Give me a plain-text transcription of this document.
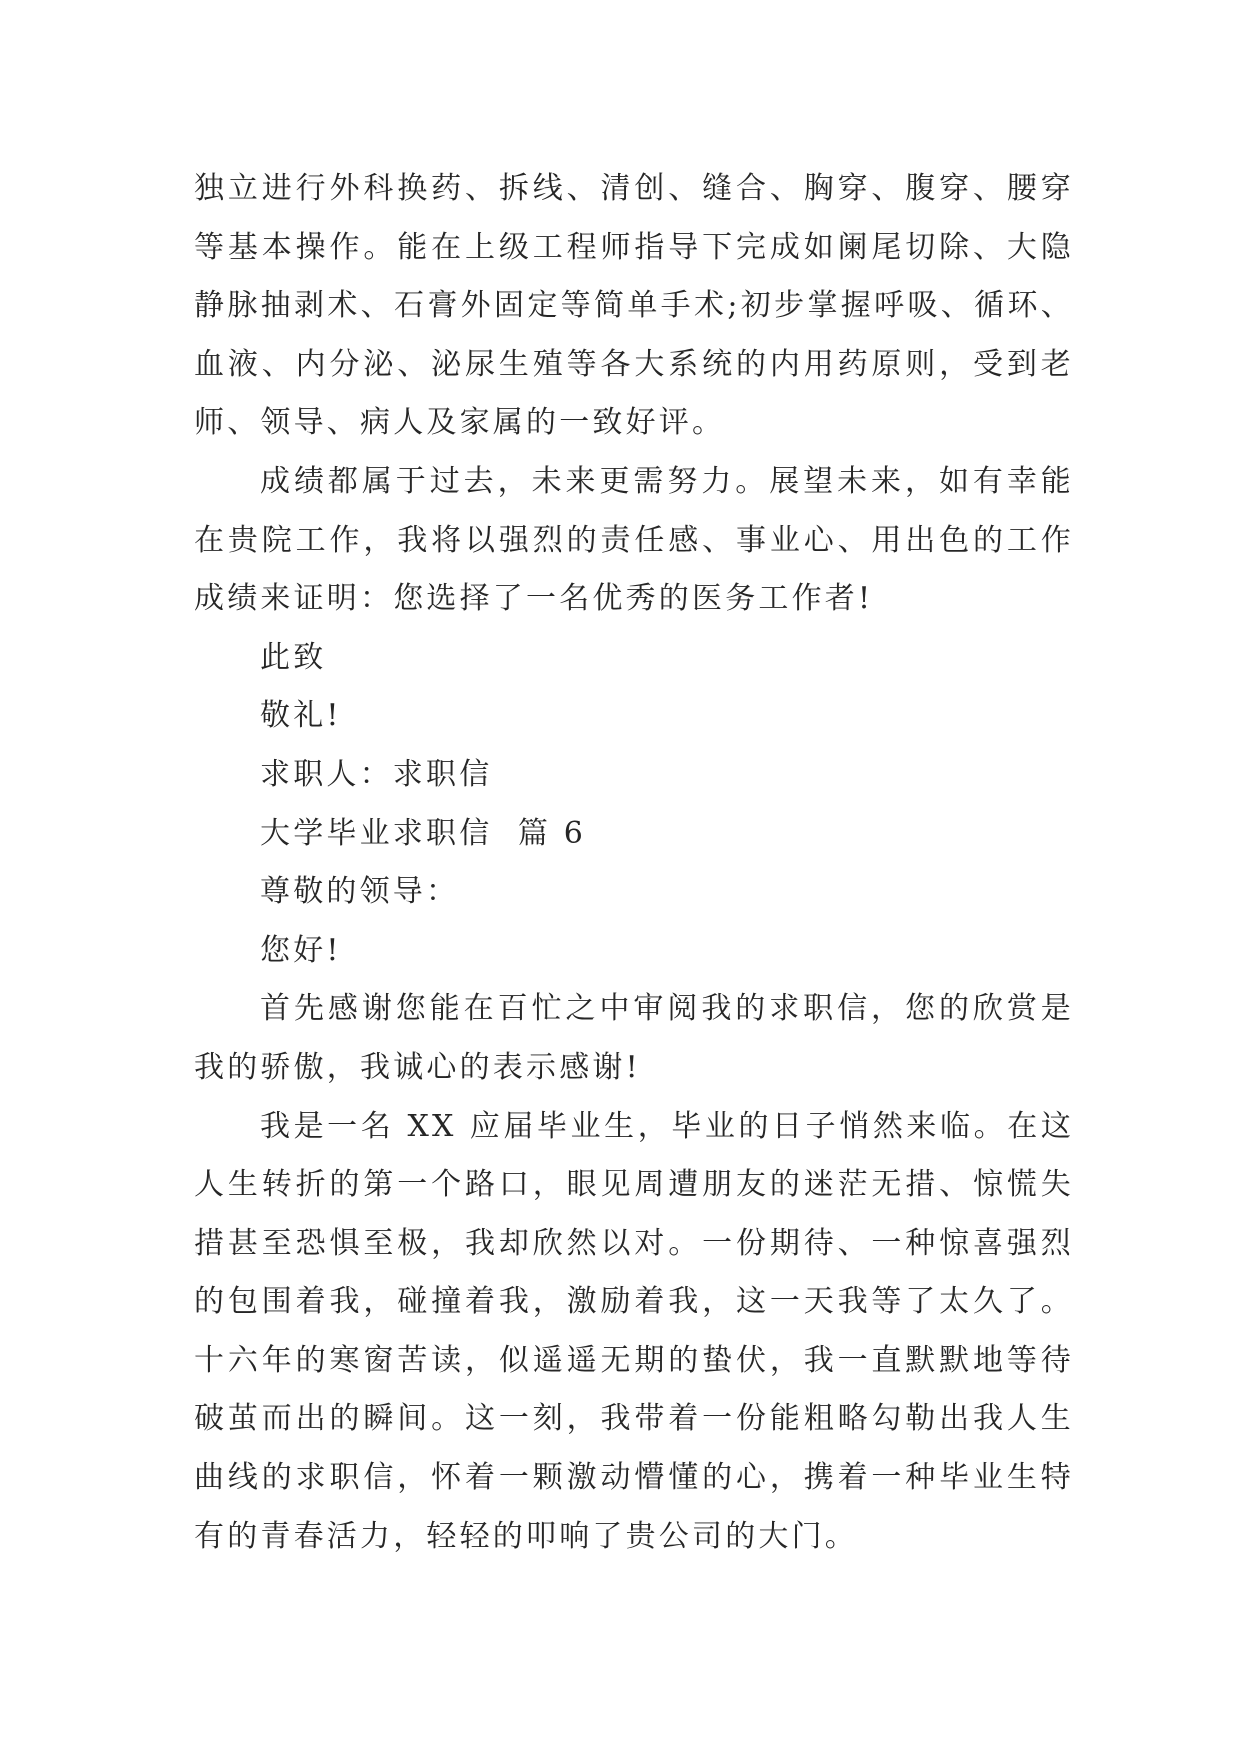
独立进行外科换药、拆线、清创、缝合、胸穿、腹穿、腰穿等基本操作。能在上级工程师指导下完成如阑尾切除、大隐静脉抽剥术、石膏外固定等简单手术;初步掌握呼吸、循环、血液、内分泌、泌尿生殖等各大系统的内用药原则，受到老师、领导、病人及家属的一致好评。

成绩都属于过去，未来更需努力。展望未来，如有幸能在贵院工作，我将以强烈的责任感、事业心、用出色的工作成绩来证明：您选择了一名优秀的医务工作者!

此致

敬礼!

求职人：求职信

大学毕业求职信  篇 6

尊敬的领导：

您好!

首先感谢您能在百忙之中审阅我的求职信，您的欣赏是我的骄傲，我诚心的表示感谢!

我是一名 XX 应届毕业生，毕业的日子悄然来临。在这人生转折的第一个路口，眼见周遭朋友的迷茫无措、惊慌失措甚至恐惧至极，我却欣然以对。一份期待、一种惊喜强烈的包围着我，碰撞着我，激励着我，这一天我等了太久了。十六年的寒窗苦读，似遥遥无期的蛰伏，我一直默默地等待破茧而出的瞬间。这一刻，我带着一份能粗略勾勒出我人生曲线的求职信，怀着一颗激动懵懂的心，携着一种毕业生特有的青春活力，轻轻的叩响了贵公司的大门。
